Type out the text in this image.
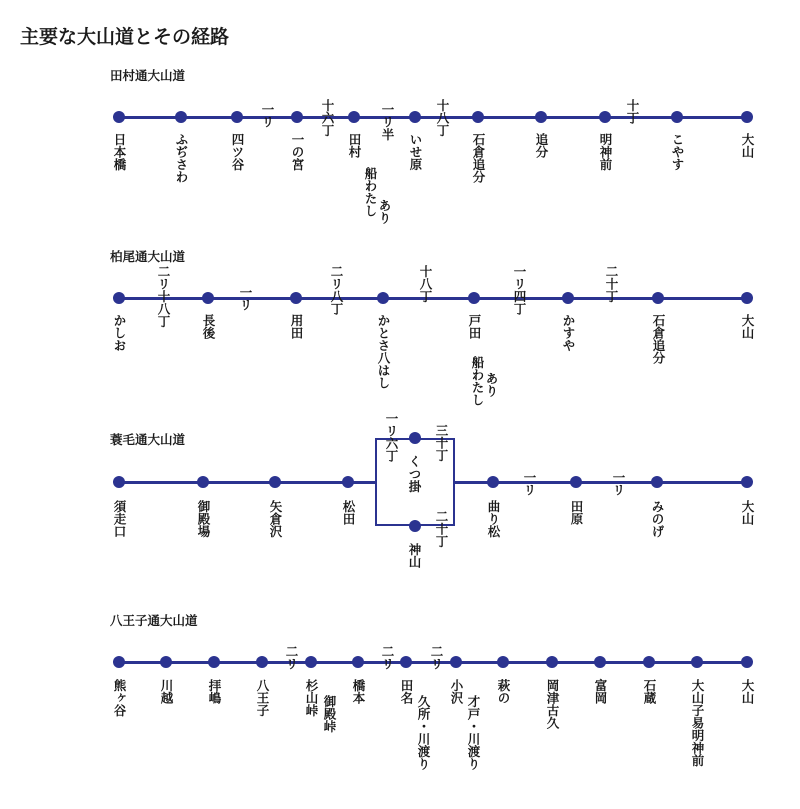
主要な大山道とその経路
田村通大山道
柏尾通大山道
蓑毛通大山道
八王子通大山道
日本橋	ふぢさわ	四ツ谷	一の宮	田村	いせ原	石倉追分	追分	明神前	こやす	大山
船わたし あり
一リ	十六丁	一リ半	十八丁	十丁
かしお	長後	用田	かとさ八はし	戸田	かすや	石倉追分	大山
船わたし あり
二リ十八丁	一リ	二リ八丁	十八丁	一リ四丁	二十丁
須走口	御殿場	矢倉沢	松田
くつ掛
神山
曲り松	田原	みのげ	大山
一リ六丁	三十丁
二十丁
一リ	一リ
熊ヶ谷	川越	拝嶋	八王子	杉山峠 御殿峠
橋本	田名
久所・川渡り
小沢
才戸・川渡り
萩の	岡津古久	富岡	石蔵	大山子易明神前	大山
二リ	二リ	二リ
